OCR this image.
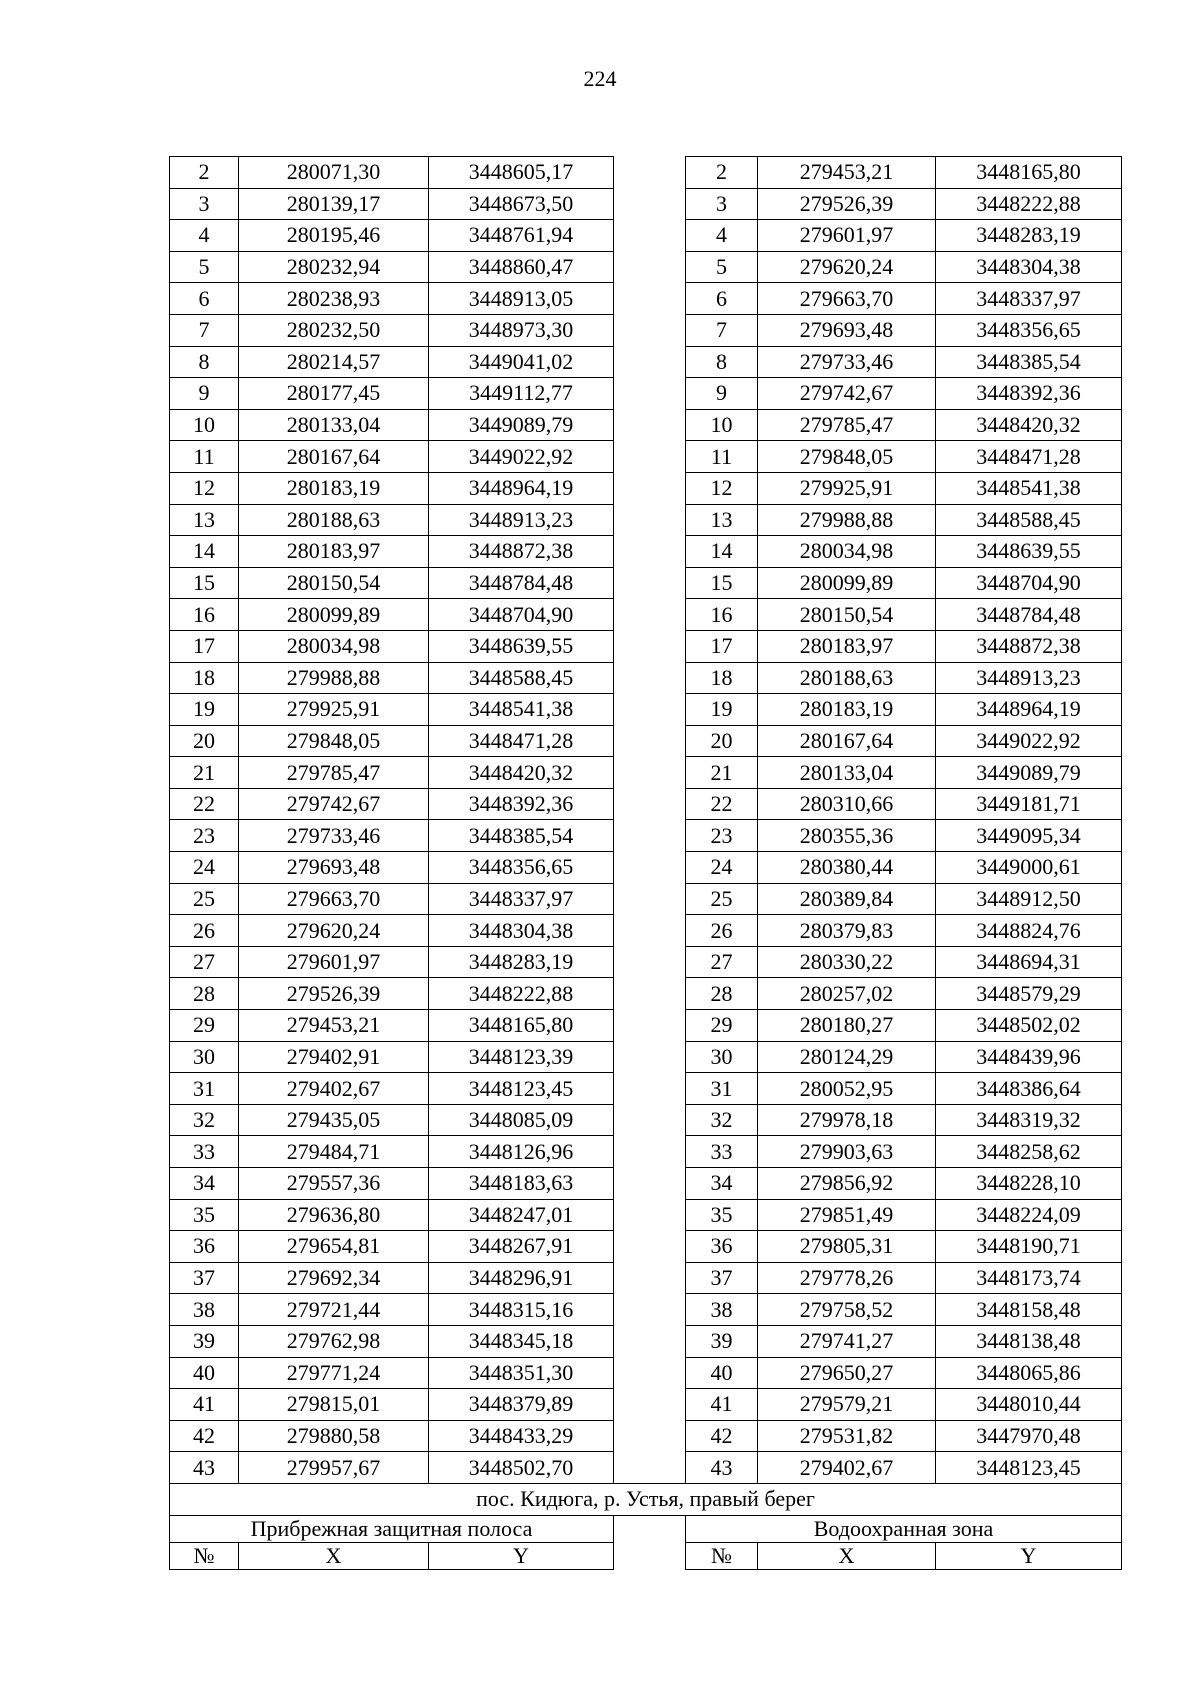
224
2	280071,30	3448605,17		2	279453,21	3448165,80
3	280139,17	3448673,50		3	279526,39	3448222,88
4	280195,46	3448761,94		4	279601,97	3448283,19
5	280232,94	3448860,47		5	279620,24	3448304,38
6	280238,93	3448913,05		6	279663,70	3448337,97
7	280232,50	3448973,30		7	279693,48	3448356,65
8	280214,57	3449041,02		8	279733,46	3448385,54
9	280177,45	3449112,77		9	279742,67	3448392,36
10	280133,04	3449089,79		10	279785,47	3448420,32
11	280167,64	3449022,92		11	279848,05	3448471,28
12	280183,19	3448964,19		12	279925,91	3448541,38
13	280188,63	3448913,23		13	279988,88	3448588,45
14	280183,97	3448872,38		14	280034,98	3448639,55
15	280150,54	3448784,48		15	280099,89	3448704,90
16	280099,89	3448704,90		16	280150,54	3448784,48
17	280034,98	3448639,55		17	280183,97	3448872,38
18	279988,88	3448588,45		18	280188,63	3448913,23
19	279925,91	3448541,38		19	280183,19	3448964,19
20	279848,05	3448471,28		20	280167,64	3449022,92
21	279785,47	3448420,32		21	280133,04	3449089,79
22	279742,67	3448392,36		22	280310,66	3449181,71
23	279733,46	3448385,54		23	280355,36	3449095,34
24	279693,48	3448356,65		24	280380,44	3449000,61
25	279663,70	3448337,97		25	280389,84	3448912,50
26	279620,24	3448304,38		26	280379,83	3448824,76
27	279601,97	3448283,19		27	280330,22	3448694,31
28	279526,39	3448222,88		28	280257,02	3448579,29
29	279453,21	3448165,80		29	280180,27	3448502,02
30	279402,91	3448123,39		30	280124,29	3448439,96
31	279402,67	3448123,45		31	280052,95	3448386,64
32	279435,05	3448085,09		32	279978,18	3448319,32
33	279484,71	3448126,96		33	279903,63	3448258,62
34	279557,36	3448183,63		34	279856,92	3448228,10
35	279636,80	3448247,01		35	279851,49	3448224,09
36	279654,81	3448267,91		36	279805,31	3448190,71
37	279692,34	3448296,91		37	279778,26	3448173,74
38	279721,44	3448315,16		38	279758,52	3448158,48
39	279762,98	3448345,18		39	279741,27	3448138,48
40	279771,24	3448351,30		40	279650,27	3448065,86
41	279815,01	3448379,89		41	279579,21	3448010,44
42	279880,58	3448433,29		42	279531,82	3447970,48
43	279957,67	3448502,70		43	279402,67	3448123,45
пос. Кидюга, р. Устья, правый берег						
Прибрежная защитная полоса				Водоохранная зона		
№	X	Y		№	X	Y
